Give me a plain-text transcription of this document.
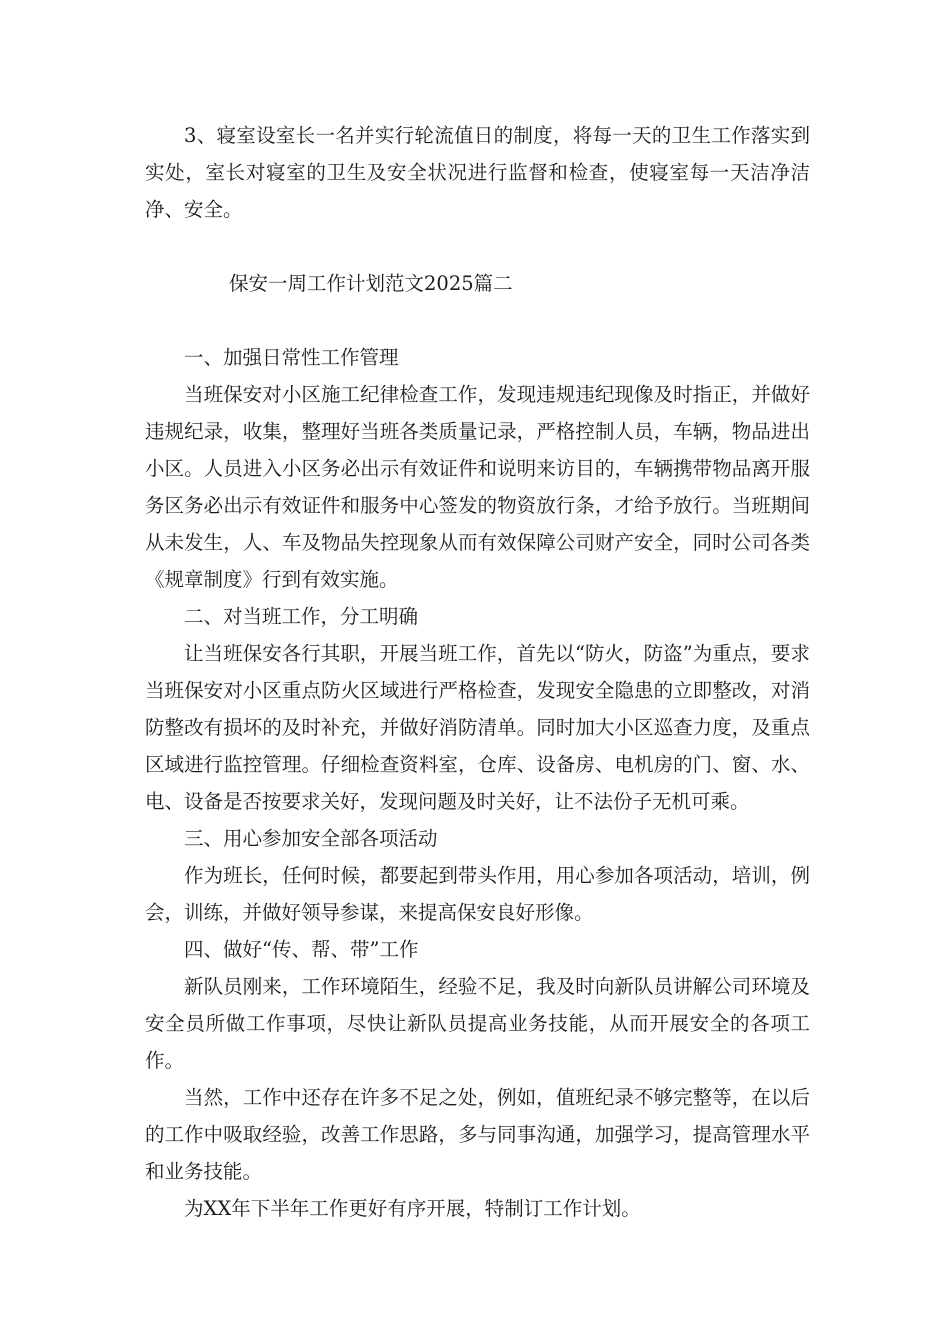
3、寝室设室长一名并实行轮流值日的制度，将每一天的卫生工作落实到实处，室长对寝室的卫生及安全状况进行监督和检查，使寝室每一天洁净洁净、安全。

保安一周工作计划范文2025篇二

一、加强日常性工作管理

当班保安对小区施工纪律检查工作，发现违规违纪现像及时指正，并做好违规纪录，收集，整理好当班各类质量记录，严格控制人员，车辆，物品进出小区。人员进入小区务必出示有效证件和说明来访目的，车辆携带物品离开服务区务必出示有效证件和服务中心签发的物资放行条，才给予放行。当班期间从未发生，人、车及物品失控现象从而有效保障公司财产安全，同时公司各类《规章制度》行到有效实施。

二、对当班工作，分工明确

让当班保安各行其职，开展当班工作，首先以“防火，防盗”为重点，要求当班保安对小区重点防火区域进行严格检查，发现安全隐患的立即整改，对消防整改有损坏的及时补充，并做好消防清单。同时加大小区巡查力度，及重点区域进行监控管理。仔细检查资料室，仓库、设备房、电机房的门、窗、水、电、设备是否按要求关好，发现问题及时关好，让不法份子无机可乘。

三、用心参加安全部各项活动

作为班长，任何时候，都要起到带头作用，用心参加各项活动，培训，例会，训练，并做好领导参谋，来提高保安良好形像。

四、做好“传、帮、带”工作

新队员刚来，工作环境陌生，经验不足，我及时向新队员讲解公司环境及安全员所做工作事项，尽快让新队员提高业务技能，从而开展安全的各项工作。

当然，工作中还存在许多不足之处，例如，值班纪录不够完整等，在以后的工作中吸取经验，改善工作思路，多与同事沟通，加强学习，提高管理水平和业务技能。

为XX年下半年工作更好有序开展，特制订工作计划。
